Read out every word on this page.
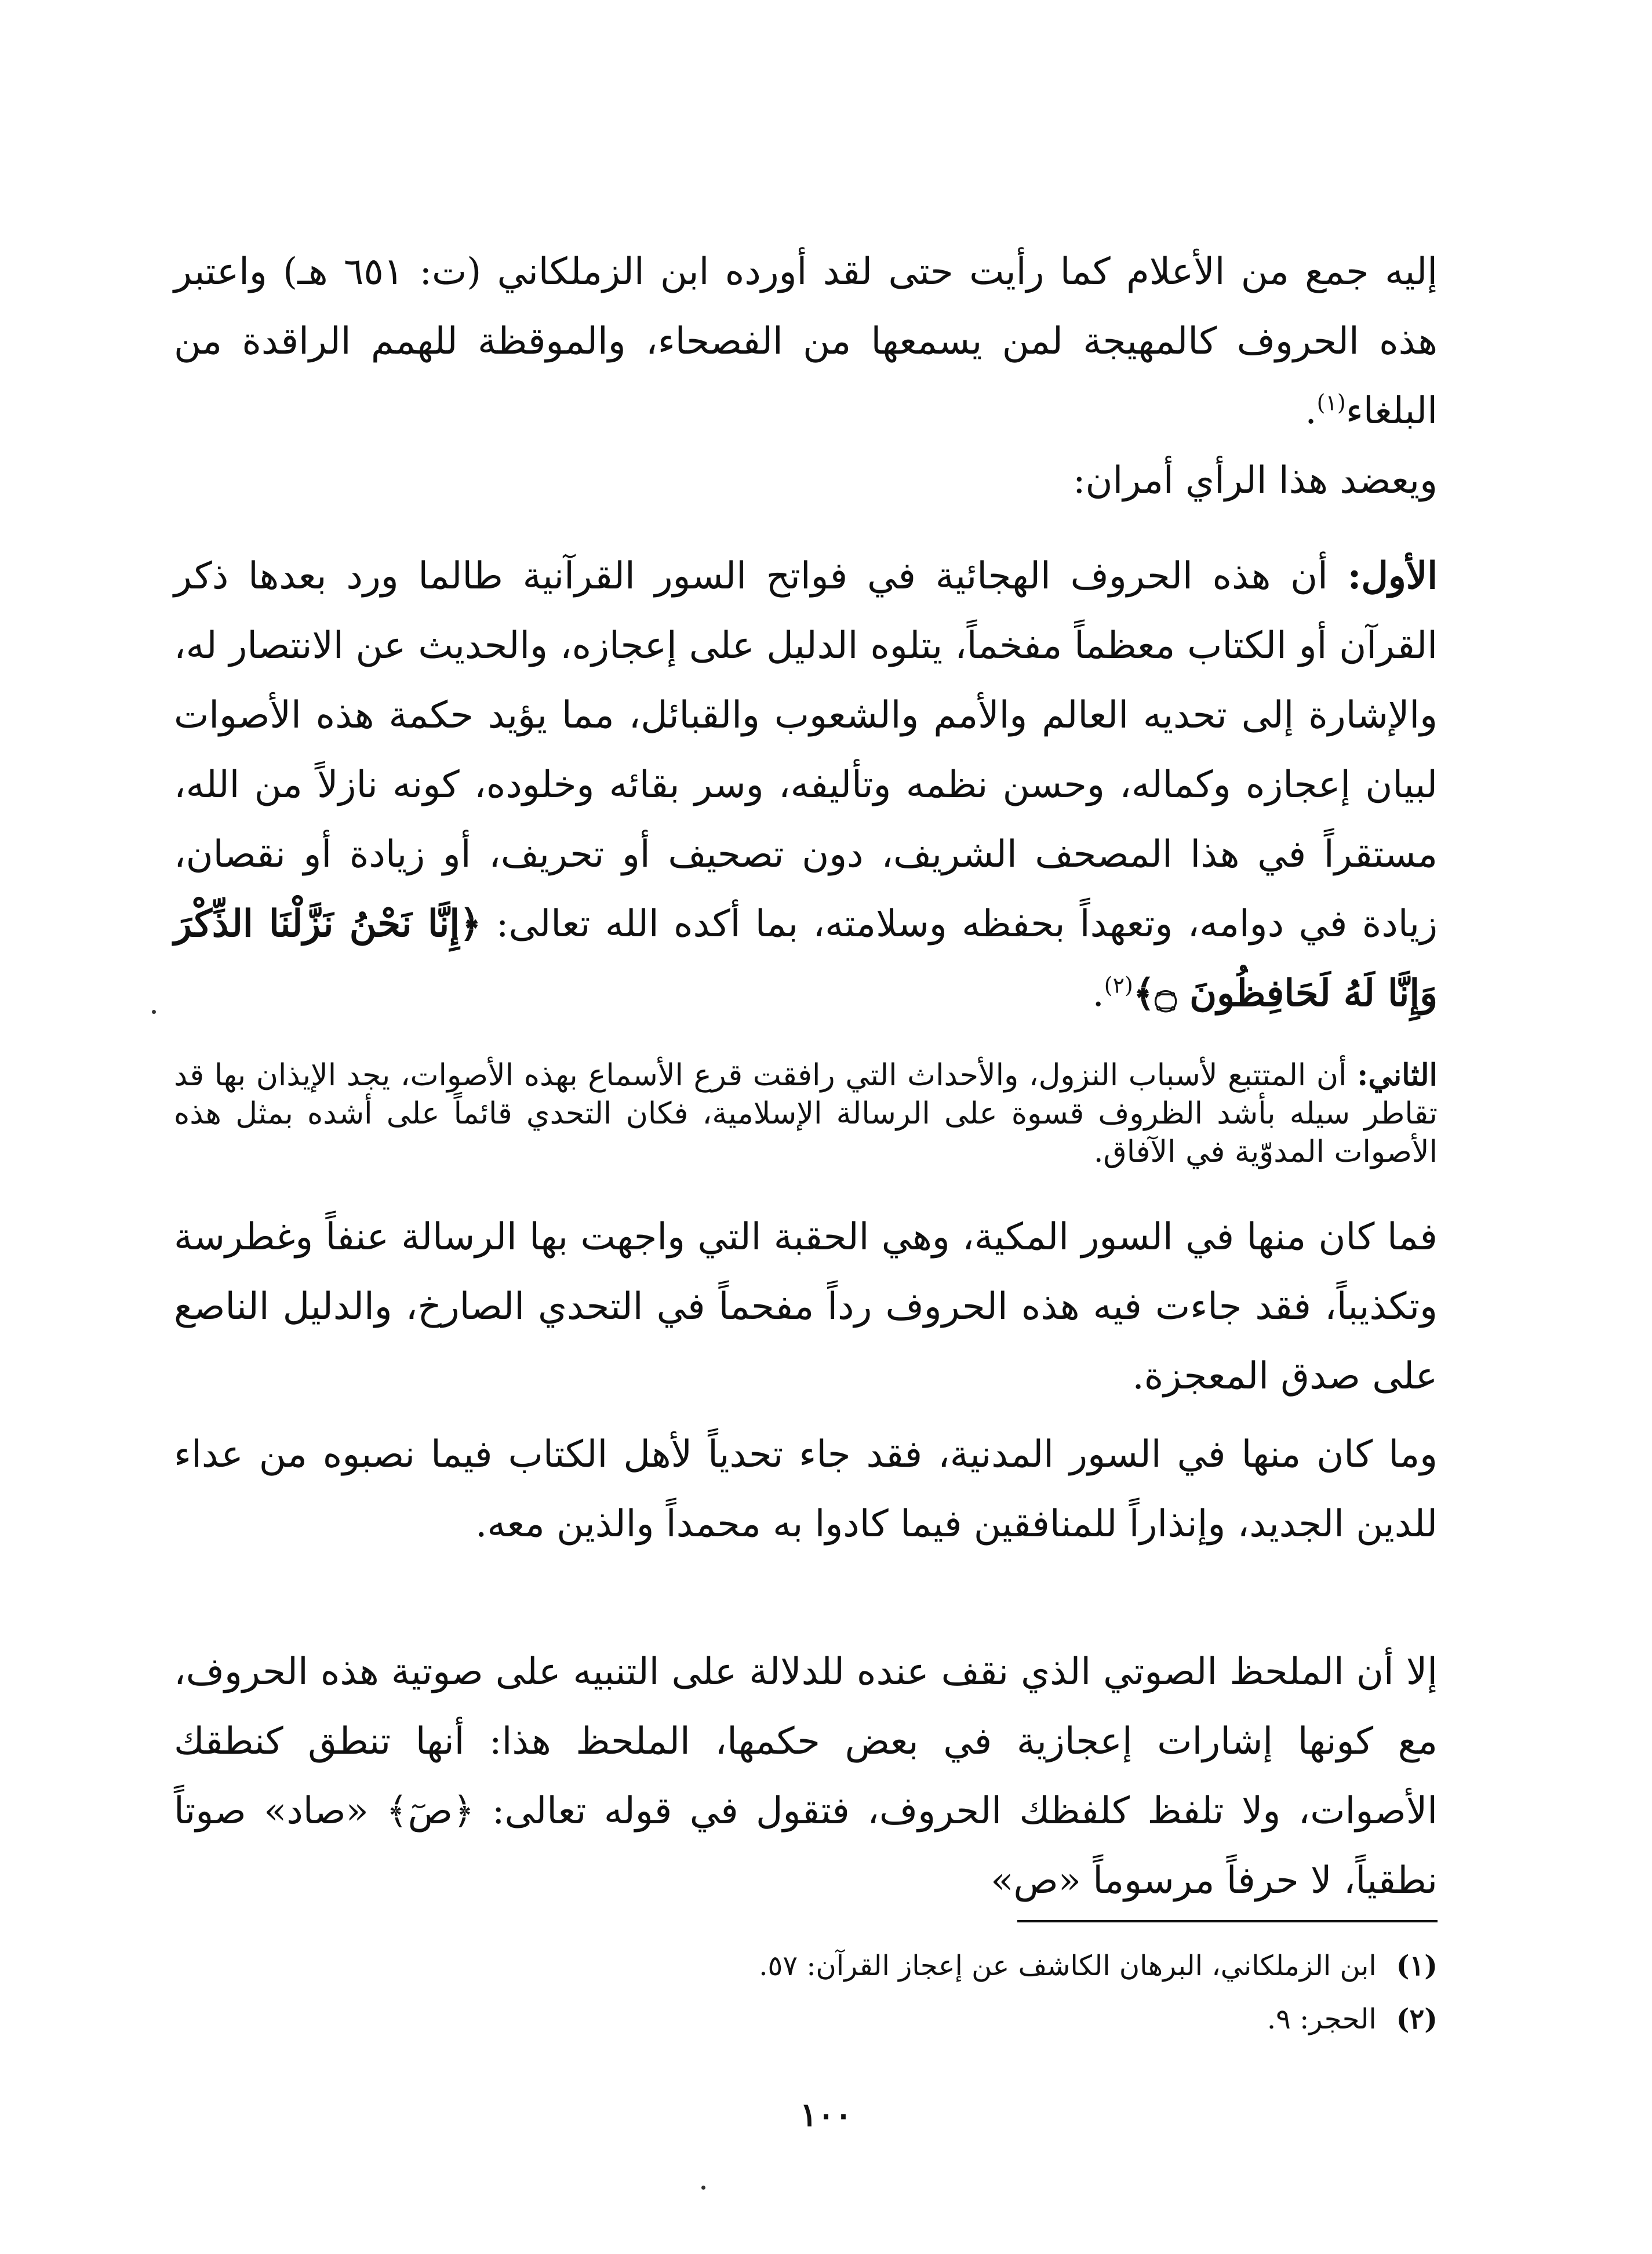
إليه جمع من الأعلام كما رأيت حتى لقد أورده ابن الزملكاني (ت: ٦٥١ هـ) واعتبر هذه الحروف كالمهيجة لمن يسمعها من الفصحاء، والموقظة للهمم الراقدة من البلغاء$^{(١)}$.

ويعضد هذا الرأي أمران:

الأول: أن هذه الحروف الهجائية في فواتح السور القرآنية طالما ورد بعدها ذكر القرآن أو الكتاب معظماً مفخماً، يتلوه الدليل على إعجازه، والحديث عن الانتصار له، والإشارة إلى تحديه العالم والأمم والشعوب والقبائل، مما يؤيد حكمة هذه الأصوات لبيان إعجازه وكماله، وحسن نظمه وتأليفه، وسر بقائه وخلوده، كونه نازلاً من الله، مستقراً في هذا المصحف الشريف، دون تصحيف أو تحريف، أو زيادة أو نقصان، زيادة في دوامه، وتعهداً بحفظه وسلامته، بما أكده الله تعالى: ﴿إِنَّا نَحْنُ نَزَّلْنَا الذِّكْرَ وَإِنَّا لَهُ لَحَافِظُونَ ۝﴾$^{(٢)}$.

الثاني: أن المتتبع لأسباب النزول، والأحداث التي رافقت قرع الأسماع بهذه الأصوات، يجد الإيذان بها قد تقاطر سيله بأشد الظروف قسوة على الرسالة الإسلامية، فكان التحدي قائماً على أشده بمثل هذه الأصوات المدوّية في الآفاق.

فما كان منها في السور المكية، وهي الحقبة التي واجهت بها الرسالة عنفاً وغطرسة وتكذيباً، فقد جاءت فيه هذه الحروف رداً مفحماً في التحدي الصارخ، والدليل الناصع على صدق المعجزة.

وما كان منها في السور المدنية، فقد جاء تحدياً لأهل الكتاب فيما نصبوه من عداء للدين الجديد، وإنذاراً للمنافقين فيما كادوا به محمداً والذين معه.

إلا أن الملحظ الصوتي الذي نقف عنده للدلالة على التنبيه على صوتية هذه الحروف، مع كونها إشارات إعجازية في بعض حكمها، الملحظ هذا: أنها تنطق كنطقك الأصوات، ولا تلفظ كلفظك الحروف، فتقول في قوله تعالى: ﴿صٓ﴾ «صاد» صوتاً نطقياً، لا حرفاً مرسوماً «ص»

(١) ابن الزملكاني، البرهان الكاشف عن إعجاز القرآن: ٥٧.
(٢) الحجر: ٩.
١٠٠
